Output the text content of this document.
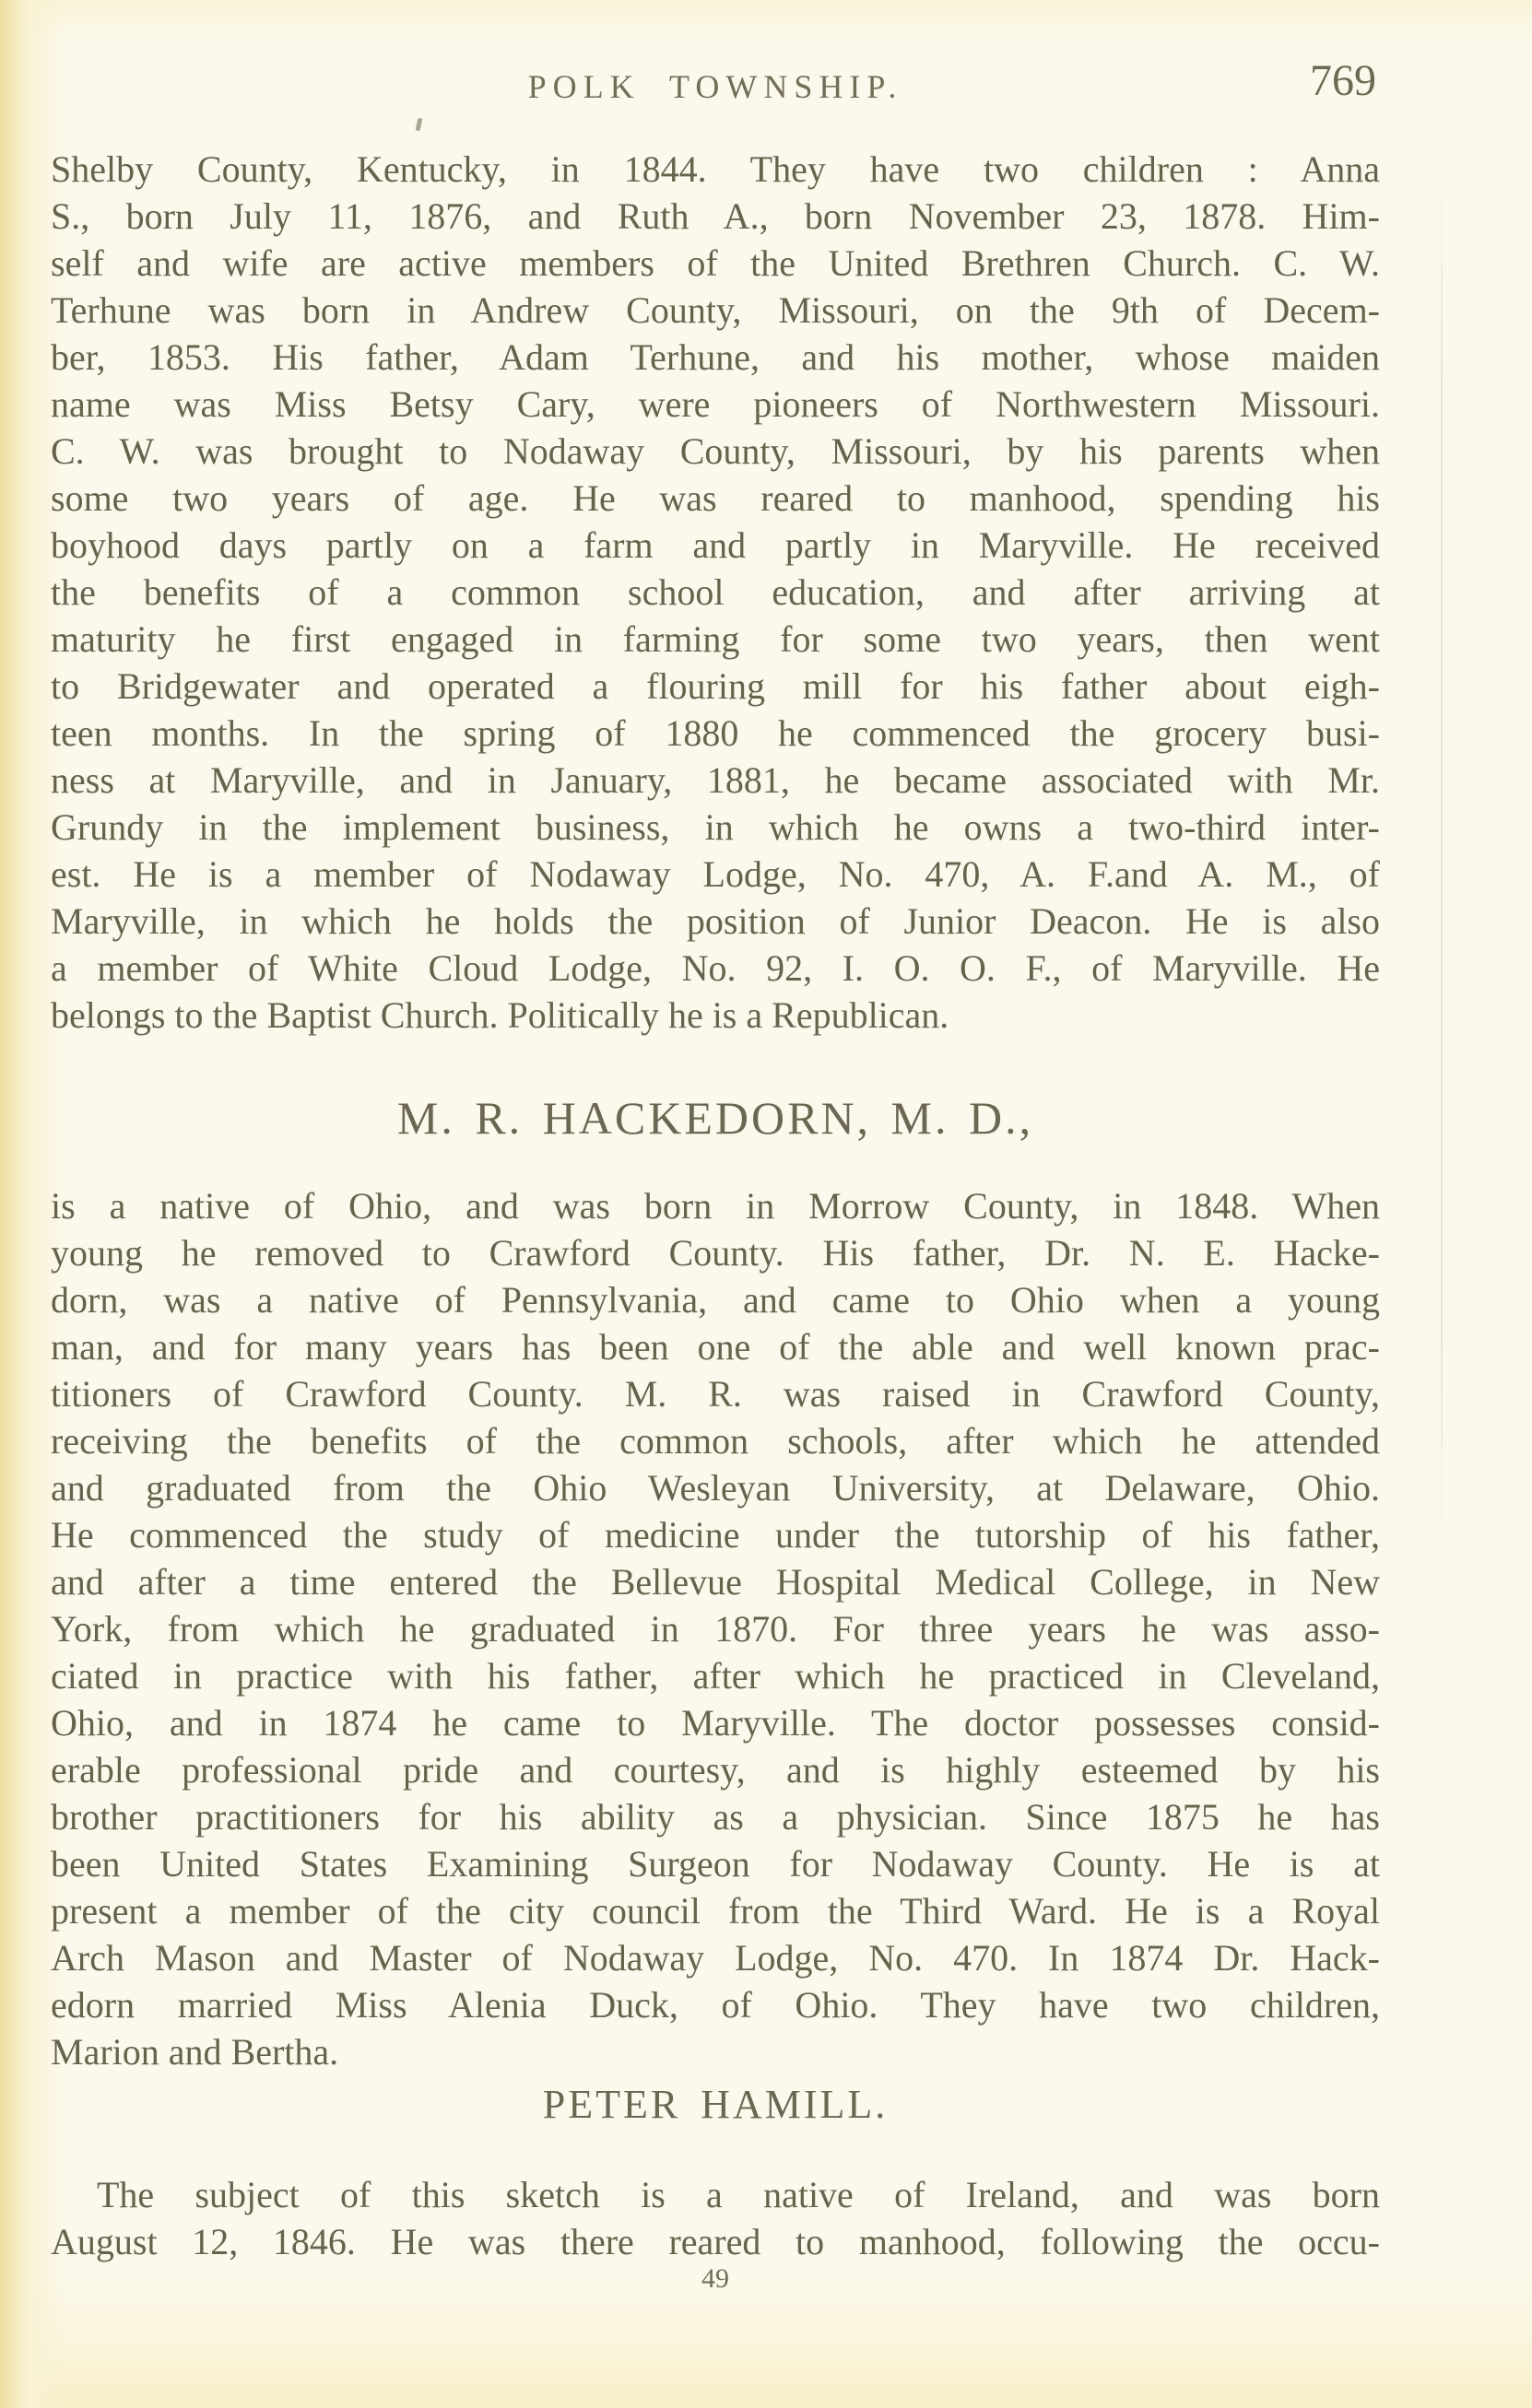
POLK TOWNSHIP.	769
Shelby County, Kentucky, in 1844. They have two children : Anna
S., born July 11, 1876, and Ruth A., born November 23, 1878. Him-
self and wife are active members of the United Brethren Church. C. W.
Terhune was born in Andrew County, Missouri, on the 9th of Decem-
ber, 1853. His father, Adam Terhune, and his mother, whose maiden
name was Miss Betsy Cary, were pioneers of Northwestern Missouri.
C. W. was brought to Nodaway County, Missouri, by his parents when
some two years of age. He was reared to manhood, spending his
boyhood days partly on a farm and partly in Maryville. He received
the benefits of a common school education, and after arriving at
maturity he first engaged in farming for some two years, then went
to Bridgewater and operated a flouring mill for his father about eigh-
teen months. In the spring of 1880 he commenced the grocery busi-
ness at Maryville, and in January, 1881, he became associated with Mr.
Grundy in the implement business, in which he owns a two-third inter-
est. He is a member of Nodaway Lodge, No. 470, A. F.and A. M., of
Maryville, in which he holds the position of Junior Deacon. He is also
a member of White Cloud Lodge, No. 92, I. O. O. F., of Maryville. He
belongs to the Baptist Church. Politically he is a Republican.
M. R. HACKEDORN, M. D.,
is a native of Ohio, and was born in Morrow County, in 1848. When
young he removed to Crawford County. His father, Dr. N. E. Hacke-
dorn, was a native of Pennsylvania, and came to Ohio when a young
man, and for many years has been one of the able and well known prac-
titioners of Crawford County. M. R. was raised in Crawford County,
receiving the benefits of the common schools, after which he attended
and graduated from the Ohio Wesleyan University, at Delaware, Ohio.
He commenced the study of medicine under the tutorship of his father,
and after a time entered the Bellevue Hospital Medical College, in New
York, from which he graduated in 1870. For three years he was asso-
ciated in practice with his father, after which he practiced in Cleveland,
Ohio, and in 1874 he came to Maryville. The doctor possesses consid-
erable professional pride and courtesy, and is highly esteemed by his
brother practitioners for his ability as a physician. Since 1875 he has
been United States Examining Surgeon for Nodaway County. He is at
present a member of the city council from the Third Ward. He is a Royal
Arch Mason and Master of Nodaway Lodge, No. 470. In 1874 Dr. Hack-
edorn married Miss Alenia Duck, of Ohio. They have two children,
Marion and Bertha.
PETER HAMILL.
The subject of this sketch is a native of Ireland, and was born
August 12, 1846. He was there reared to manhood, following the occu-
49
